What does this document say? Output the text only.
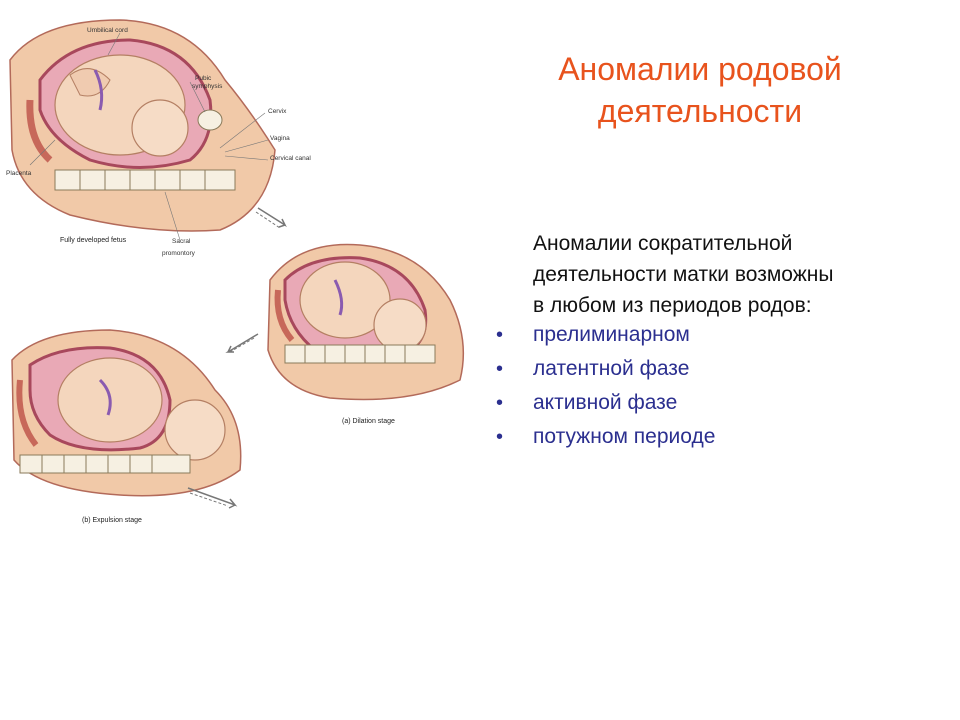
Umbilical cord
Pubic
symphysis
Cervix
Vagina
Cervical canal
Placenta
Fully developed fetus	Sacral
promontory
(a) Dilation stage
(b) Expulsion stage
Аномалии родовой
деятельности
Аномалии сократительной
деятельности матки возможны
в любом из периодов родов:
• прелиминарном
• латентной фазе
• активной фазе
• потужном периоде
